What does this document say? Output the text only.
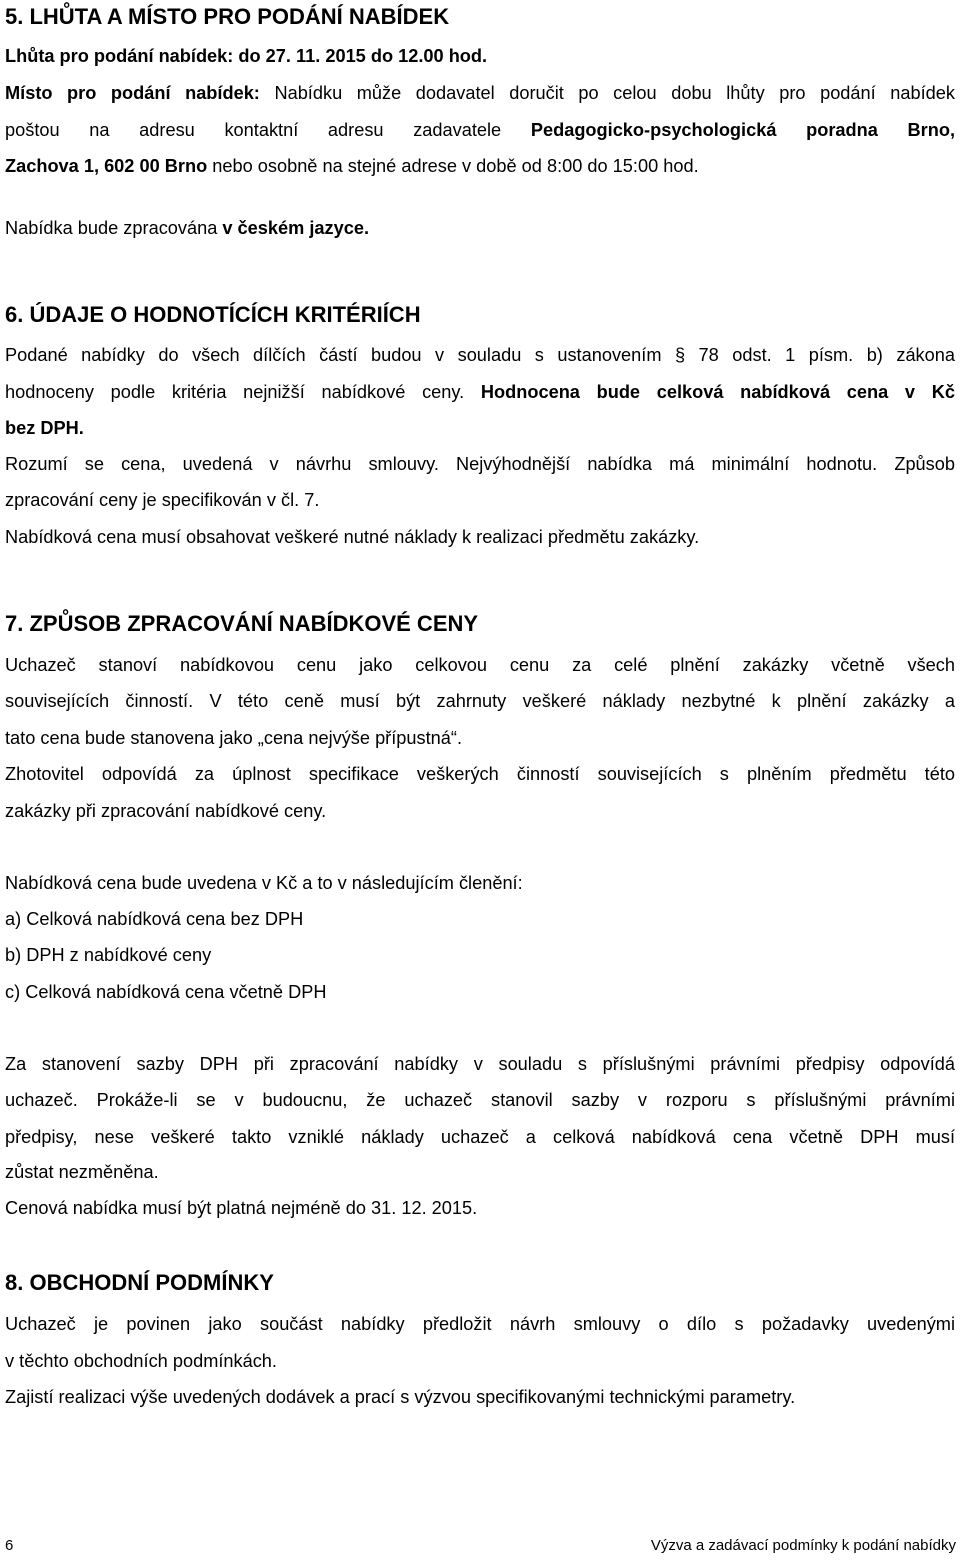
5. LHŮTA A MÍSTO PRO PODÁNÍ NABÍDEK
Lhůta pro podání nabídek: do 27. 11. 2015 do 12.00 hod.
Místo pro podání nabídek: Nabídku může dodavatel doručit po celou dobu lhůty pro podání nabídek
poštou na adresu kontaktní adresu zadavatele Pedagogicko-psychologická poradna Brno,
Zachova 1, 602 00 Brno nebo osobně na stejné adrese v době od 8:00 do 15:00 hod.
Nabídka bude zpracována v českém jazyce.
6. ÚDAJE O HODNOTÍCÍCH KRITÉRIÍCH
Podané nabídky do všech dílčích částí budou v souladu s ustanovením § 78 odst. 1 písm. b) zákona
hodnoceny podle kritéria nejnižší nabídkové ceny. Hodnocena bude celková nabídková cena v Kč
bez DPH.
Rozumí se cena, uvedená v návrhu smlouvy. Nejvýhodnější nabídka má minimální hodnotu. Způsob
zpracování ceny je specifikován v čl. 7.
Nabídková cena musí obsahovat veškeré nutné náklady k realizaci předmětu zakázky.
7. ZPŮSOB ZPRACOVÁNÍ NABÍDKOVÉ CENY
Uchazeč stanoví nabídkovou cenu jako celkovou cenu za celé plnění zakázky včetně všech
souvisejících činností. V této ceně musí být zahrnuty veškeré náklady nezbytné k plnění zakázky a
tato cena bude stanovena jako „cena nejvýše přípustná“.
Zhotovitel odpovídá za úplnost specifikace veškerých činností souvisejících s plněním předmětu této
zakázky při zpracování nabídkové ceny.
Nabídková cena bude uvedena v Kč a to v následujícím členění:
a) Celková nabídková cena bez DPH
b) DPH z nabídkové ceny
c) Celková nabídková cena včetně DPH
Za stanovení sazby DPH při zpracování nabídky v souladu s příslušnými právními předpisy odpovídá
uchazeč. Prokáže-li se v budoucnu, že uchazeč stanovil sazby v rozporu s příslušnými právními
předpisy, nese veškeré takto vzniklé náklady uchazeč a celková nabídková cena včetně DPH musí
zůstat nezměněna.
Cenová nabídka musí být platná nejméně do 31. 12. 2015.
8. OBCHODNÍ PODMÍNKY
Uchazeč je povinen jako součást nabídky předložit návrh smlouvy o dílo s požadavky uvedenými
v těchto obchodních podmínkách.
Zajistí realizaci výše uvedených dodávek a prací s výzvou specifikovanými technickými parametry.
6	Výzva a zadávací podmínky k podání nabídky
